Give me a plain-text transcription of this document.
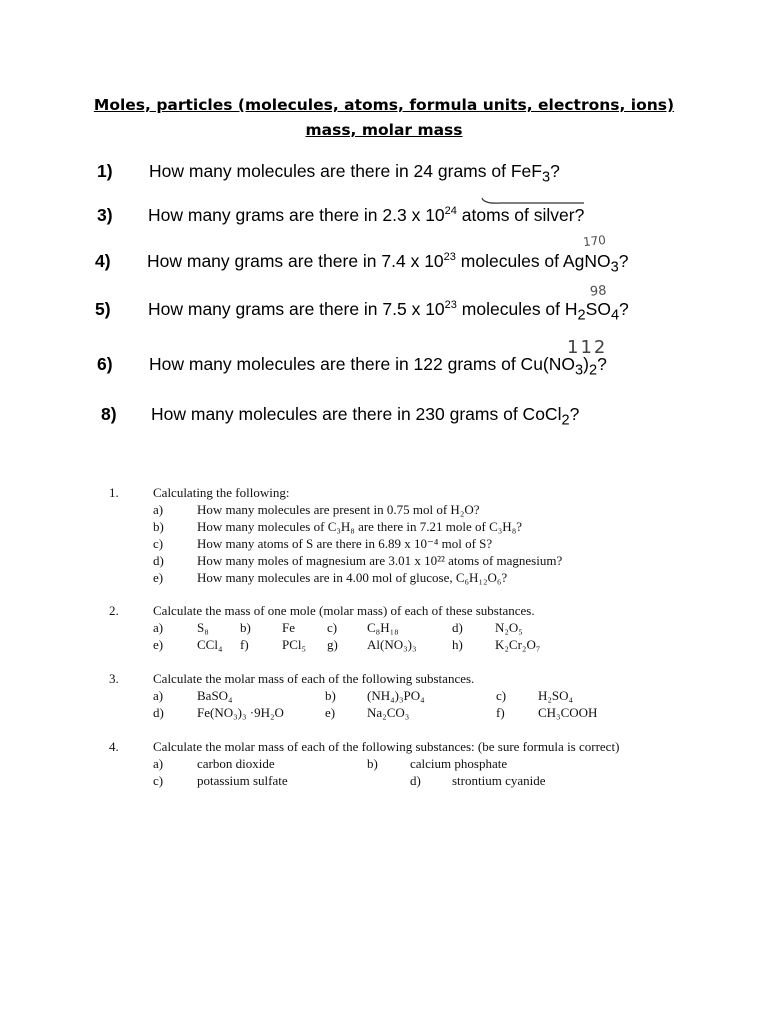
Moles, particles (molecules, atoms, formula units, electrons, ions) mass, molar mass
1) How many molecules are there in 24 grams of FeF$_3$?
3) How many grams are there in 2.3 x $10^{24}$ atoms of silver?
4) How many grams are there in 7.4 x $10^{23}$ molecules of AgNO$_3$?
5) How many grams are there in 7.5 x $10^{23}$ molecules of $H_2SO_4$?
6) How many molecules are there in 122 grams of $Cu(NO_3)_2$?
8) How many molecules are there in 230 grams of CoCl$_2$?
170
98
112
1.	Calculating the following:
a)	How many molecules are present in 0.75 mol of H₂O?
b)	How many molecules of C₃H₈ are there in 7.21 mole of C₃H₈?
c)	How many atoms of S are there in 6.89 x 10⁻⁴ mol of S?
d)	How many moles of magnesium are 3.01 x 10²² atoms of magnesium?
e)	How many molecules are in 4.00 mol of glucose, C₆H₁₂O₆?
2.	Calculate the mass of one mole (molar mass) of each of these substances.
a)	S₈ b) Fe c) C₈H₁₈	d) N₂O₅
e)	CCl₄ f)	PCl₅ g) Al(NO₃)₃	h) K₂Cr₂O₇
3.	Calculate the molar mass of each of the following substances.
a)	BaSO₄	b) (NH₄)₃PO₄	c) H₂SO₄
d)	Fe(NO₃)₃ ·9H₂O	e) Na₂CO₃	f)	CH₃COOH
4.	Calculate the molar mass of each of the following substances: (be sure formula is correct)
a)	carbon dioxide	b) calcium phosphate
c)	potassium sulfate	d) strontium cyanide
